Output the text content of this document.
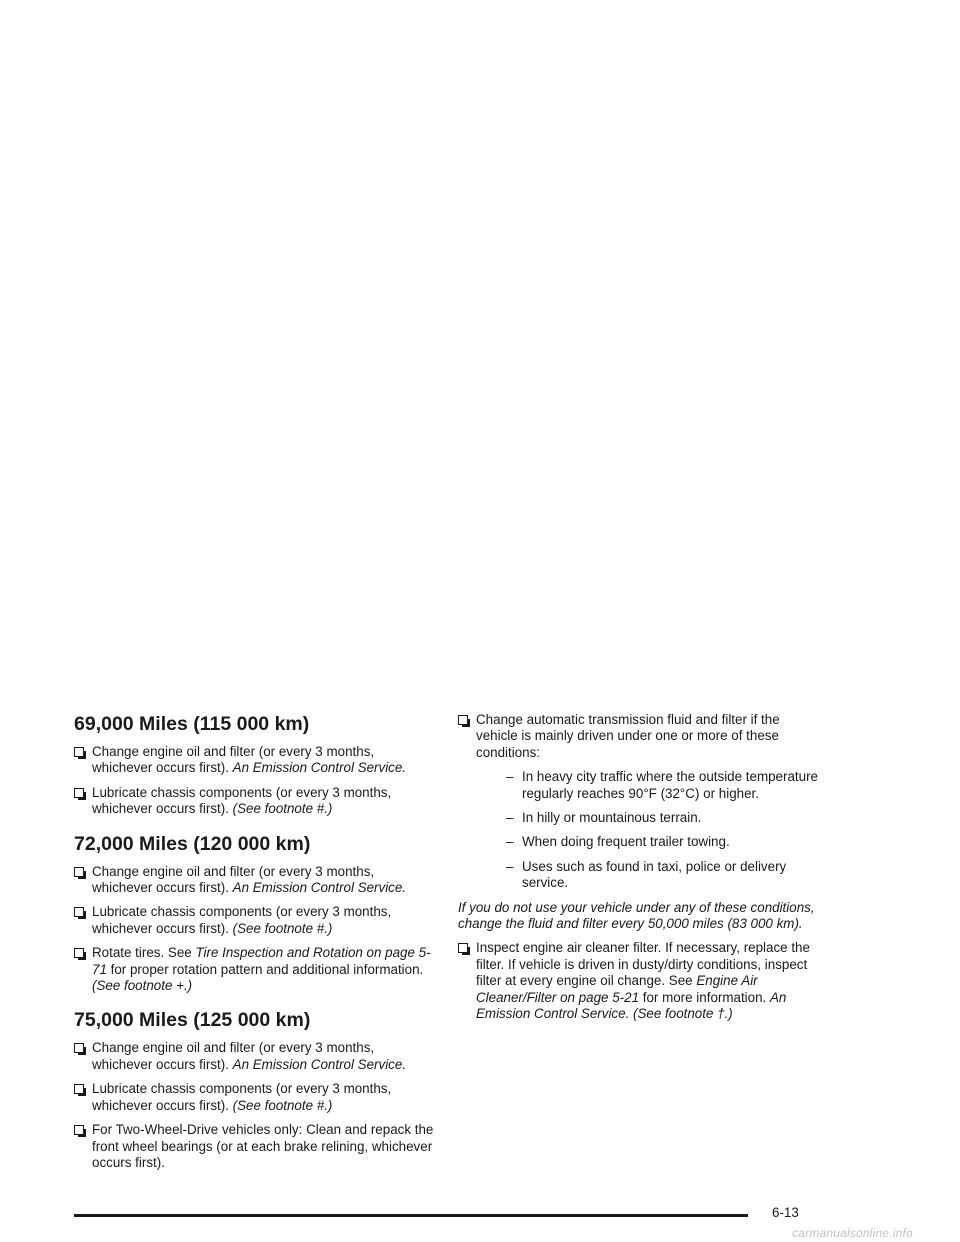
69,000 Miles (115 000 km)
Change engine oil and filter (or every 3 months, whichever occurs first). An Emission Control Service.
Lubricate chassis components (or every 3 months, whichever occurs first). (See footnote #.)
72,000 Miles (120 000 km)
Change engine oil and filter (or every 3 months, whichever occurs first). An Emission Control Service.
Lubricate chassis components (or every 3 months, whichever occurs first). (See footnote #.)
Rotate tires. See Tire Inspection and Rotation on page 5-71 for proper rotation pattern and additional information. (See footnote +.)
75,000 Miles (125 000 km)
Change engine oil and filter (or every 3 months, whichever occurs first). An Emission Control Service.
Lubricate chassis components (or every 3 months, whichever occurs first). (See footnote #.)
For Two-Wheel-Drive vehicles only: Clean and repack the front wheel bearings (or at each brake relining, whichever occurs first).
Change automatic transmission fluid and filter if the vehicle is mainly driven under one or more of these conditions:
– In heavy city traffic where the outside temperature regularly reaches 90°F (32°C) or higher.
– In hilly or mountainous terrain.
– When doing frequent trailer towing.
– Uses such as found in taxi, police or delivery service.

If you do not use your vehicle under any of these conditions, change the fluid and filter every 50,000 miles (83 000 km).

Inspect engine air cleaner filter. If necessary, replace the filter. If vehicle is driven in dusty/dirty conditions, inspect filter at every engine oil change. See Engine Air Cleaner/Filter on page 5-21 for more information. An Emission Control Service. (See footnote †.)
6-13
carmanualsonline.info
